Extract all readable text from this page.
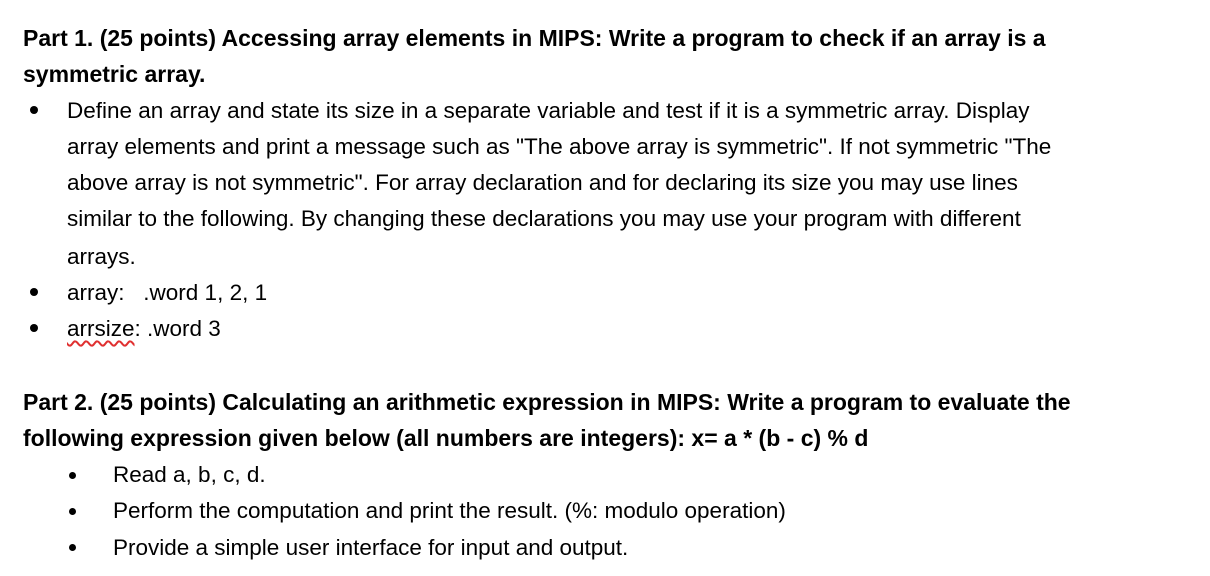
Part 1. (25 points) Accessing array elements in MIPS: Write a program to check if an array is a
symmetric array.
Define an array and state its size in a separate variable and test if it is a symmetric array. Display
array elements and print a message such as "The above array is symmetric". If not symmetric "The
above array is not symmetric". For array declaration and for declaring its size you may use lines
similar to the following. By changing these declarations you may use your program with different
arrays.
array: .word 1, 2, 1
arrsize: .word 3
Part 2. (25 points) Calculating an arithmetic expression in MIPS: Write a program to evaluate the
following expression given below (all numbers are integers): x= a * (b - c) % d
Read a, b, c, d.
Perform the computation and print the result. (%: modulo operation)
Provide a simple user interface for input and output.
